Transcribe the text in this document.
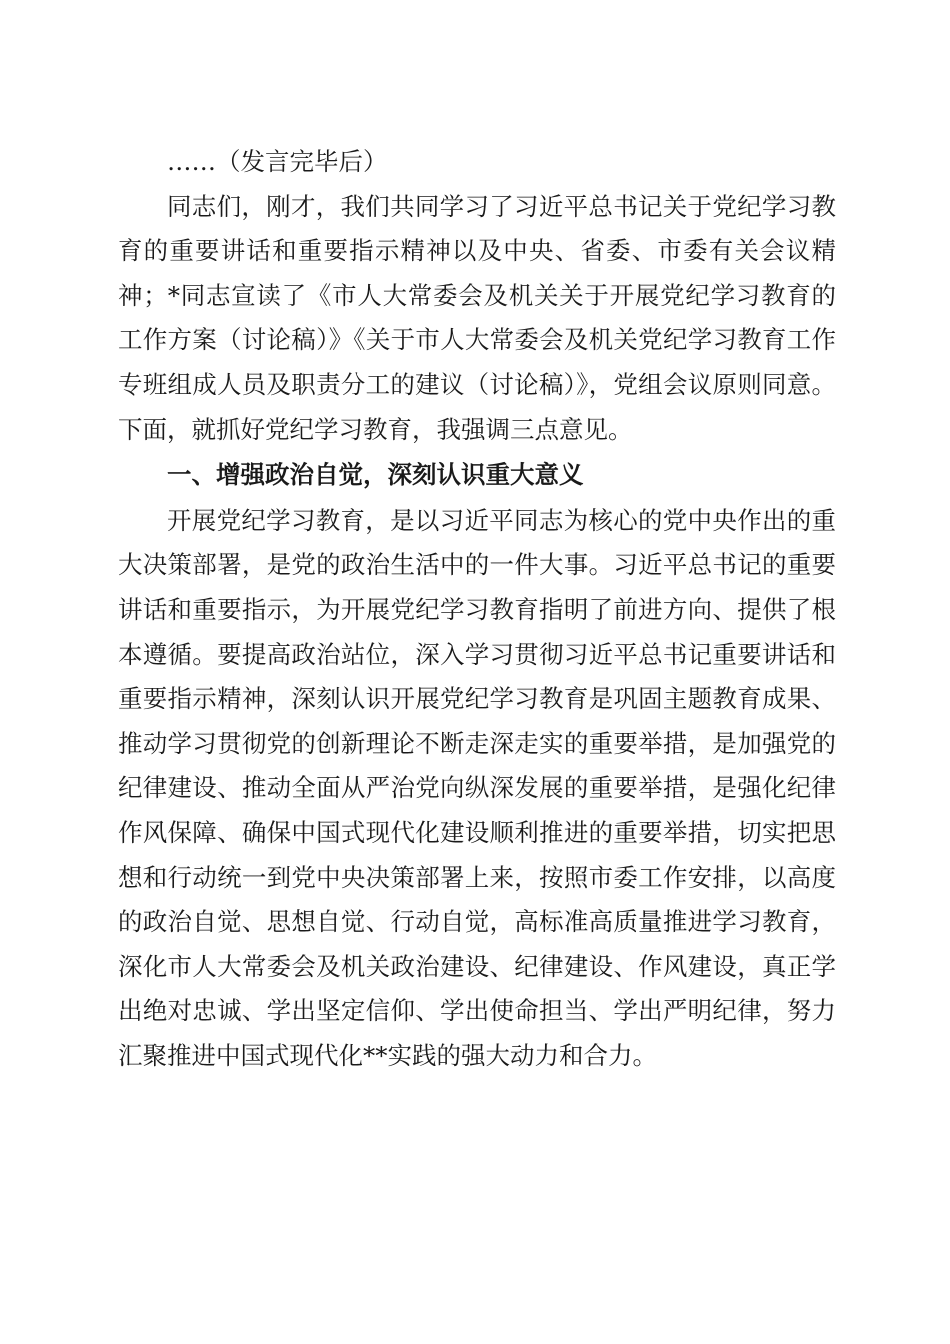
……（发言完毕后）

同志们，刚才，我们共同学习了习近平总书记关于党纪学习教育的重要讲话和重要指示精神以及中央、省委、市委有关会议精神；*同志宣读了《市人大常委会及机关关于开展党纪学习教育的工作方案（讨论稿）》《关于市人大常委会及机关党纪学习教育工作专班组成人员及职责分工的建议（讨论稿）》，党组会议原则同意。下面，就抓好党纪学习教育，我强调三点意见。

一、增强政治自觉，深刻认识重大意义

开展党纪学习教育，是以习近平同志为核心的党中央作出的重大决策部署，是党的政治生活中的一件大事。习近平总书记的重要讲话和重要指示，为开展党纪学习教育指明了前进方向、提供了根本遵循。要提高政治站位，深入学习贯彻习近平总书记重要讲话和重要指示精神，深刻认识开展党纪学习教育是巩固主题教育成果、推动学习贯彻党的创新理论不断走深走实的重要举措，是加强党的纪律建设、推动全面从严治党向纵深发展的重要举措，是强化纪律作风保障、确保中国式现代化建设顺利推进的重要举措，切实把思想和行动统一到党中央决策部署上来，按照市委工作安排，以高度的政治自觉、思想自觉、行动自觉，高标准高质量推进学习教育，深化市人大常委会及机关政治建设、纪律建设、作风建设，真正学出绝对忠诚、学出坚定信仰、学出使命担当、学出严明纪律，努力汇聚推进中国式现代化**实践的强大动力和合力。
